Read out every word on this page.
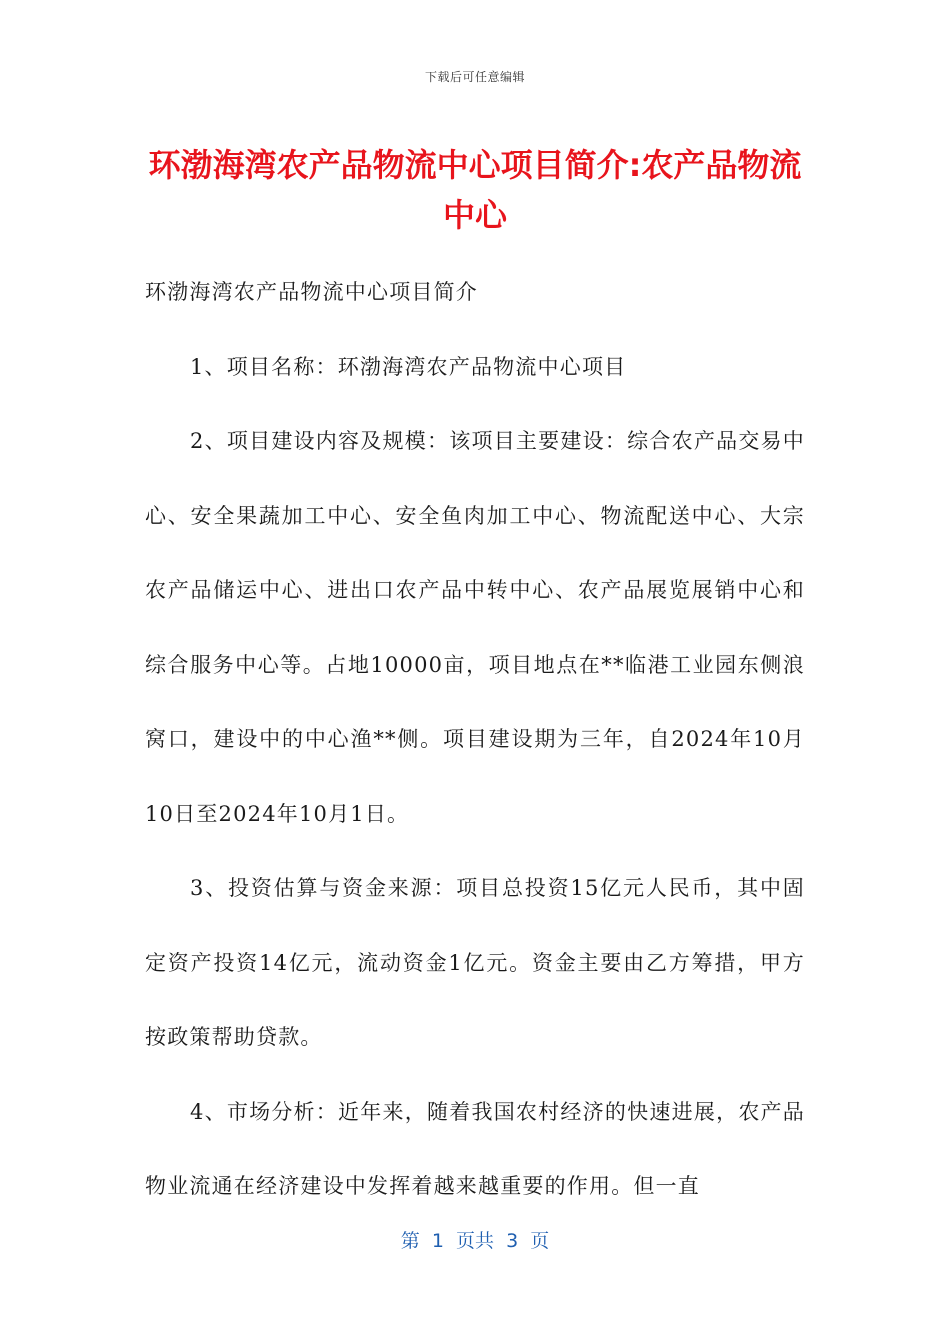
下载后可任意编辑
环渤海湾农产品物流中心项目简介:农产品物流中心

环渤海湾农产品物流中心项目简介

1、项目名称：环渤海湾农产品物流中心项目

2、项目建设内容及规模：该项目主要建设：综合农产品交易中心、安全果蔬加工中心、安全鱼肉加工中心、物流配送中心、大宗农产品储运中心、进出口农产品中转中心、农产品展览展销中心和综合服务中心等。占地10000亩，项目地点在**临港工业园东侧浪窝口，建设中的中心渔**侧。项目建设期为三年，自2024年10月10日至2024年10月1日。

3、投资估算与资金来源：项目总投资15亿元人民币，其中固定资产投资14亿元，流动资金1亿元。资金主要由乙方筹措，甲方按政策帮助贷款。

4、市场分析：近年来，随着我国农村经济的快速进展，农产品物业流通在经济建设中发挥着越来越重要的作用。但一直

第  1  页共  3  页
